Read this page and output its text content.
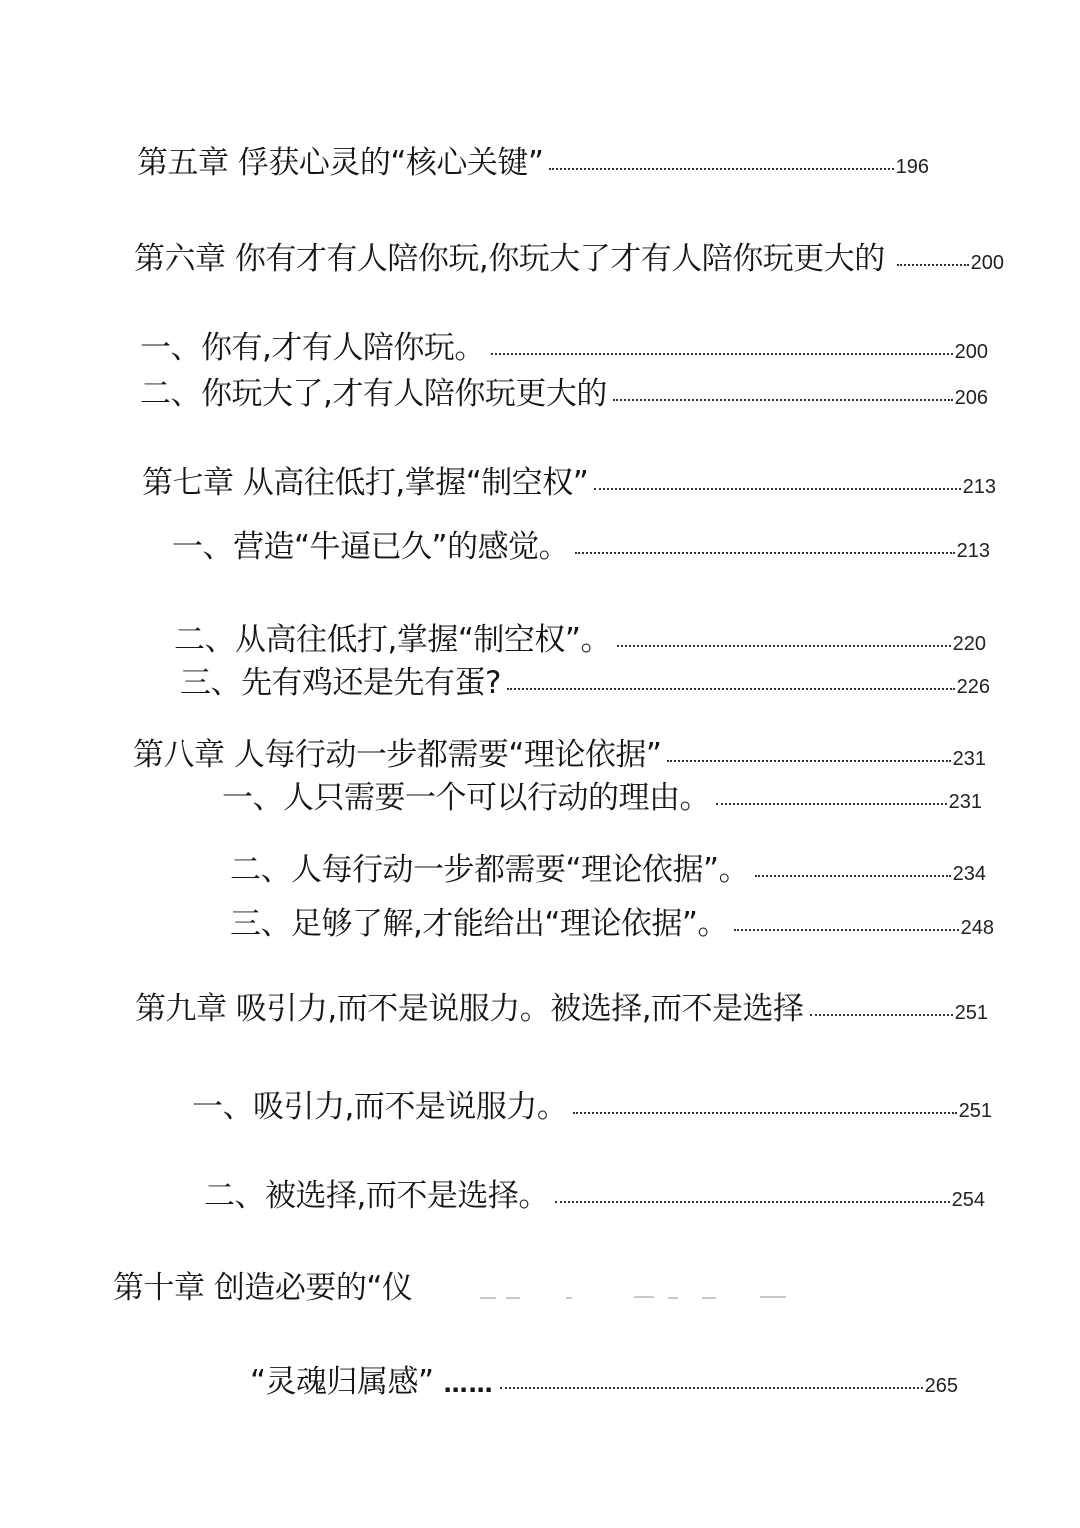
第五章 俘获心灵的“核心关键”	196
第六章 你有才有人陪你玩,你玩大了才有人陪你玩更大的	200
一、你有,才有人陪你玩。	200
二、你玩大了,才有人陪你玩更大的	206
第七章 从高往低打,掌握“制空权”	213
一、营造“牛逼已久”的感觉。	213
二、从高往低打,掌握“制空权”。	220
三、先有鸡还是先有蛋?	226
第八章 人每行动一步都需要“理论依据”	231
一、人只需要一个可以行动的理由。	231
二、人每行动一步都需要“理论依据”。	234
三、足够了解,才能给出“理论依据”。	248
第九章 吸引力,而不是说服力。被选择,而不是选择	251
一、吸引力,而不是说服力。	251
二、被选择,而不是选择。	254
第十章 创造必要的“仪
“灵魂归属感” ……	265
